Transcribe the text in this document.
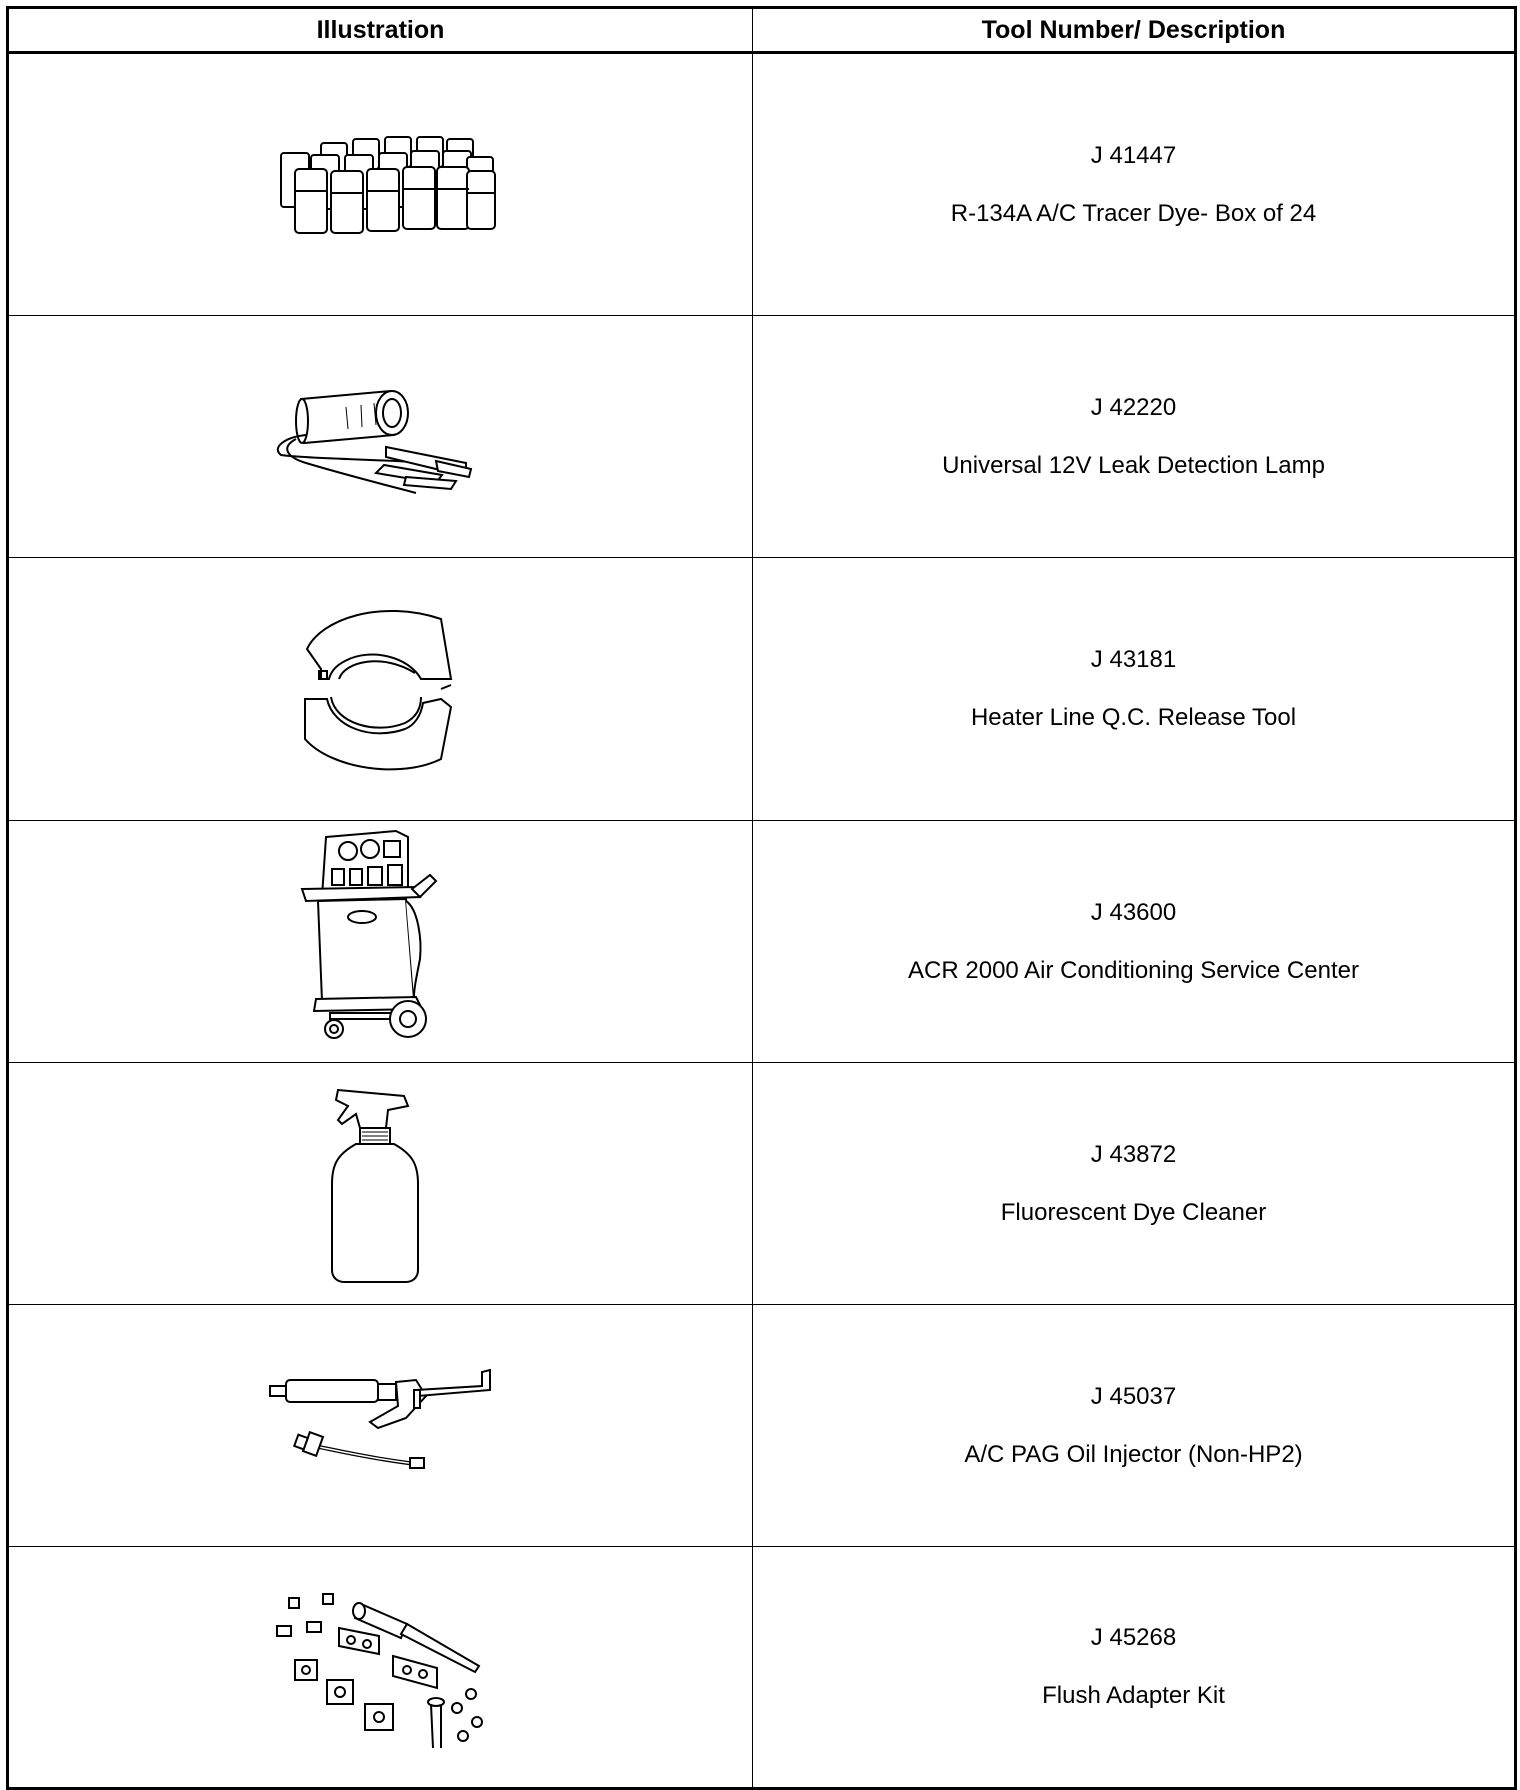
Illustration	Tool Number/ Description

J 41447
R-134A A/C Tracer Dye- Box of 24

J 42220
Universal 12V Leak Detection Lamp

J 43181
Heater Line Q.C. Release Tool

J 43600
ACR 2000 Air Conditioning Service Center

J 43872
Fluorescent Dye Cleaner

J 45037
A/C PAG Oil Injector (Non-HP2)

J 45268
Flush Adapter Kit
